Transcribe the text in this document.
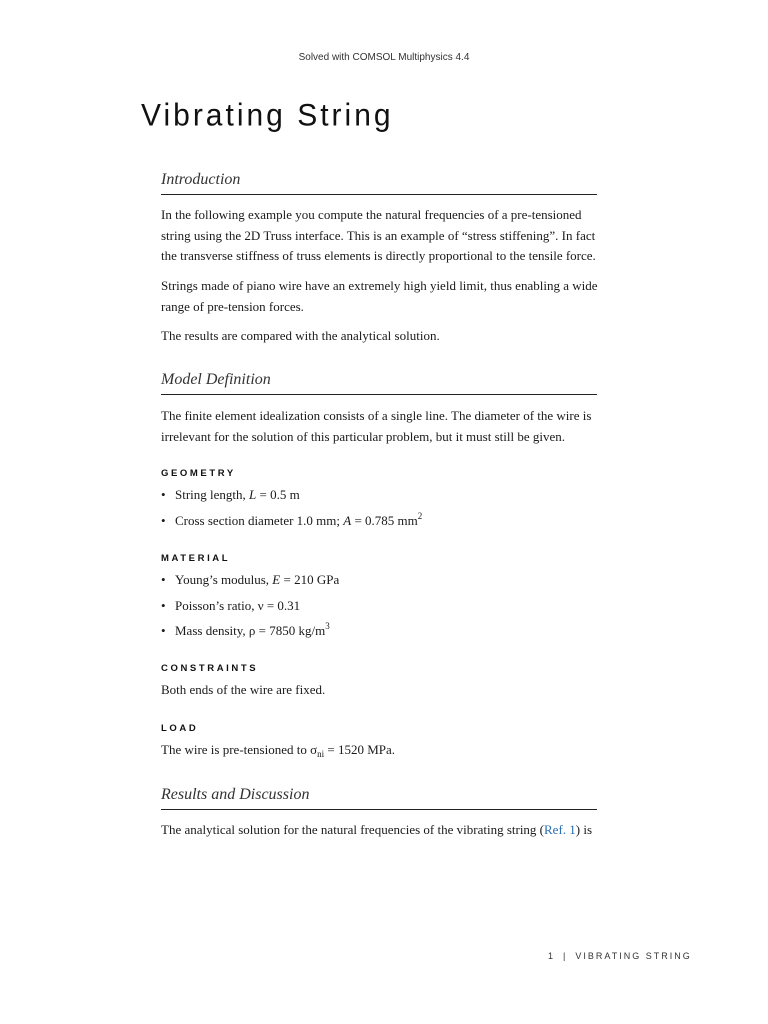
Solved with COMSOL Multiphysics 4.4
Vibrating String
Introduction
In the following example you compute the natural frequencies of a pre-tensioned string using the 2D Truss interface. This is an example of “stress stiffening”. In fact the transverse stiffness of truss elements is directly proportional to the tensile force.
Strings made of piano wire have an extremely high yield limit, thus enabling a wide range of pre-tension forces.
The results are compared with the analytical solution.
Model Definition
The finite element idealization consists of a single line. The diameter of the wire is irrelevant for the solution of this particular problem, but it must still be given.
GEOMETRY
• String length, L = 0.5 m
• Cross section diameter 1.0 mm; A = 0.785 $mm^2$
MATERIAL
• Young’s modulus, E = 210 GPa
• Poisson’s ratio, ν = 0.31
• Mass density, ρ = 7850 $kg/m^3$
CONSTRAINTS
Both ends of the wire are fixed.
LOAD
The wire is pre-tensioned to $\sigma_{ni} = 1520$ MPa.
Results and Discussion
The analytical solution for the natural frequencies of the vibrating string (Ref. 1) is
1 | VIBRATING STRING
